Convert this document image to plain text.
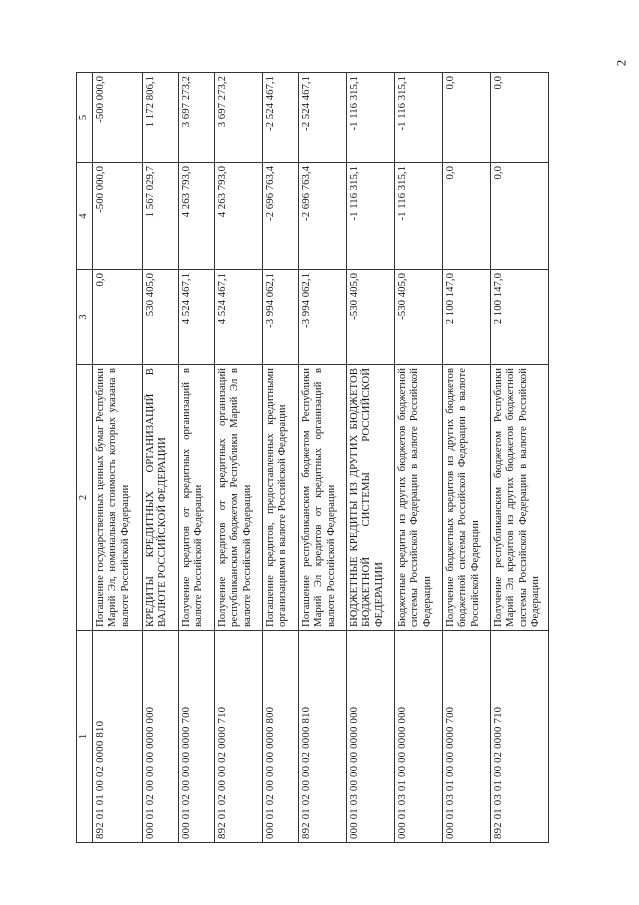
2
1	2	3	4	5
892 01 01 00 02 0000 810	Погашение государственных ценных бумаг Республики Марий Эл, номинальная стоимость которых указана в валюте Российской Федерации	0,0	-500 000,0	-500 000,0
000 01 02 00 00 00 0000 000	КРЕДИТЫ КРЕДИТНЫХ ОРГАНИЗАЦИЙ В ВАЛЮТЕ РОССИЙСКОЙ ФЕДЕРАЦИИ	530 405,0	1 567 029,7	1 172 806,1
000 01 02 00 00 00 0000 700	Получение кредитов от кредитных организаций в валюте Российской Федерации	4 524 467,1	4 263 793,0	3 697 273,2
892 01 02 00 00 02 0000 710	Получение кредитов от кредитных организаций республиканским бюджетом Республики Марий Эл в валюте Российской Федерации	4 524 467,1	4 263 793,0	3 697 273,2
000 01 02 00 00 00 0000 800	Погашение кредитов, предоставленных кредитными организациями в валюте Российской Федерации	-3 994 062,1	-2 696 763,4	-2 524 467,1
892 01 02 00 00 02 0000 810	Погашение республиканским бюджетом Республики Марий Эл кредитов от кредитных организаций в валюте Российской Федерации	-3 994 062,1	-2 696 763,4	-2 524 467,1
000 01 03 00 00 00 0000 000	БЮДЖЕТНЫЕ КРЕДИТЫ ИЗ ДРУГИХ БЮДЖЕТОВ БЮДЖЕТНОЙ СИСТЕМЫ РОССИЙСКОЙ ФЕДЕРАЦИИ	-530 405,0	-1 116 315,1	-1 116 315,1
000 01 03 01 00 00 0000 000	Бюджетные кредиты из других бюджетов бюджетной системы Российской Федерации в валюте Российской Федерации	-530 405,0	-1 116 315,1	-1 116 315,1
000 01 03 01 00 00 0000 700	Получение бюджетных кредитов из других бюджетов бюджетной системы Российской Федерации в валюте Российской Федерации	2 100 147,0	0,0	0,0
892 01 03 01 00 02 0000 710	Получение республиканским бюджетом Республики Марий Эл кредитов из других бюджетов бюджетной системы Российской Федерации в валюте Российской Федерации	2 100 147,0	0,0	0,0
